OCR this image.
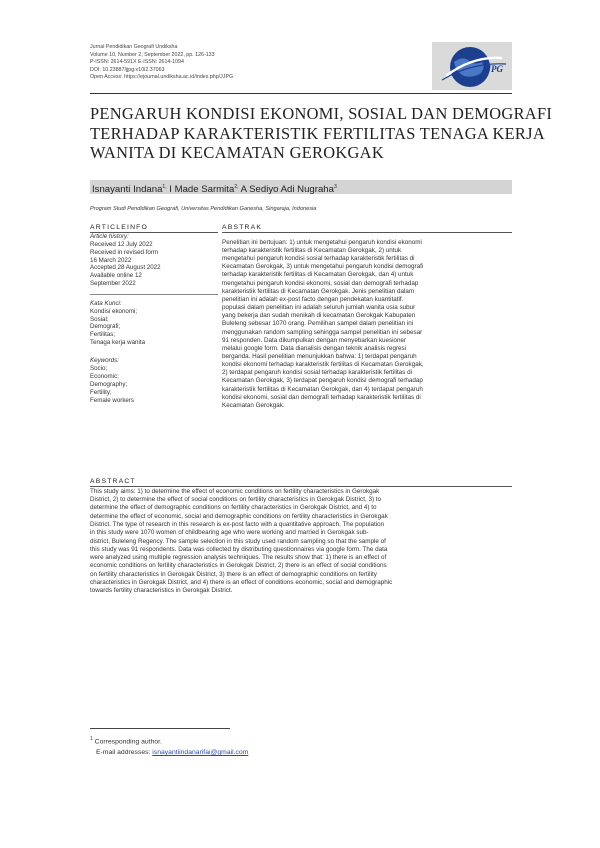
Jurnal Pendidikan Geografi Undiksha
Volume 10, Number 2, September 2022, pp. 126-133
P-ISSN: 2614-591X E-ISSN: 2614-1094
DOI: 10.23887/jjpg.v10i2.37063
Open Access: https://ejournal.undiksha.ac.id/index.php/JJPG
JJPG
PENGARUH KONDISI EKONOMI, SOSIAL DAN DEMOGRAFI
TERHADAP KARAKTERISTIK FERTILITAS TENAGA KERJA
WANITA DI KECAMATAN GEROKGAK
Isnayanti Indana$^{1,}$ I Made Sarmita$^{2,}$ A Sediyo Adi Nugraha$^3$
Program Studi Pendidikan Geografi, Universitas Pendidikan Ganesha, Singaraja, Indonesia
ARTICLEINFO
Article history:
Received 12 July 2022
Received in revised form
16 March 2022
Accepted 28 August 2022
Available online 12
September 2022
Kata Kunci:
Kondisi ekonomi;
Sosial;
Demografi;
Fertilitas;
Tenaga kerja wanita
Keywords:
Socio;
Economic;
Demography;
Fertility;
Female workers
ABSTRAK
Penelitian ini bertujuan: 1) untuk mengetahui pengaruh kondisi ekonomi
terhadap karakteristik fertilitas di Kecamatan Gerokgak, 2) untuk
mengetahui pengaruh kondisi sosial terhadap karakteristik fertilitas di
Kecamatan Gerokgak, 3) untuk mengetahui pengaruh kondisi demografi
terhadap karakteristik fertilitas di Kecamatan Gerokgak, dan 4) untuk
mengetahui pengaruh kondisi ekonomi, sosial dan demografi terhadap
karakteristik fertilitas di Kecamatan Gerokgak. Jenis penelitian dalam
penelitian ini adalah ex-post facto dengan pendekatan kuantitatif.
populasi dalam penelitian ini adalah seluruh jumlah wanita usia subur
yang bekerja dan sudah menikah di kecamatan Gerokgak Kabupaten
Buleleng sebesar 1070 orang. Pemilihan sampel dalam penelitian ini
menggunakan random sampling sehingga sampel penelitian ini sebesar
91 responden. Data dikumpulkan dengan menyebarkan kuesioner
melalui google form. Data dianalisis dengan teknik analisis regresi
berganda. Hasil penelitian menunjukkan bahwa: 1) terdapat pengaruh
kondisi ekonomi terhadap karakteristik fertilitas di Kecamatan Gerokgak,
2) terdapat pengaruh kondisi sosial terhadap karakteristik fertilitas di
Kecamatan Gerokgak, 3) terdapat pengaruh kondisi demografi terhadap
karakteristik fertilitas di Kecamatan Gerokgak, dan 4) terdapat pengaruh
kondisi ekonomi, sosial dan demografi terhadap karakteristik fertilitas di
Kecamatan Gerokgak.
ABSTRACT
This study aims: 1) to determine the effect of economic conditions on fertility characteristics in Gerokgak
District, 2) to determine the effect of social conditions on fertility characteristics in Gerokgak District, 3) to
determine the effect of demographic conditions on fertility characteristics in Gerokgak District, and 4) to
determine the effect of economic, social and demographic conditions on fertility characteristics in Gerokgak
District. The type of research in this research is ex-post facto with a quantitative approach. The population
in this study were 1070 women of childbearing age who were working and married in Gerokgak sub-
district, Buleleng Regency. The sample selection in this study used random sampling so that the sample of
this study was 91 respondents. Data was collected by distributing questionnaires via google form. The data
were analyzed using multiple regression analysis techniques. The results show that: 1) there is an effect of
economic conditions on fertility characteristics in Gerokgak District, 2) there is an effect of social conditions
on fertility characteristics in Gerokgak District, 3) there is an effect of demographic conditions on fertility
characteristics in Gerokgak District, and 4) there is an effect of conditions economic, social and demographic
towards fertility characteristics in Gerokgak District.
$^1$ Corresponding author.
E-mail addresses: isnayantiindanarifai@gmail.com
